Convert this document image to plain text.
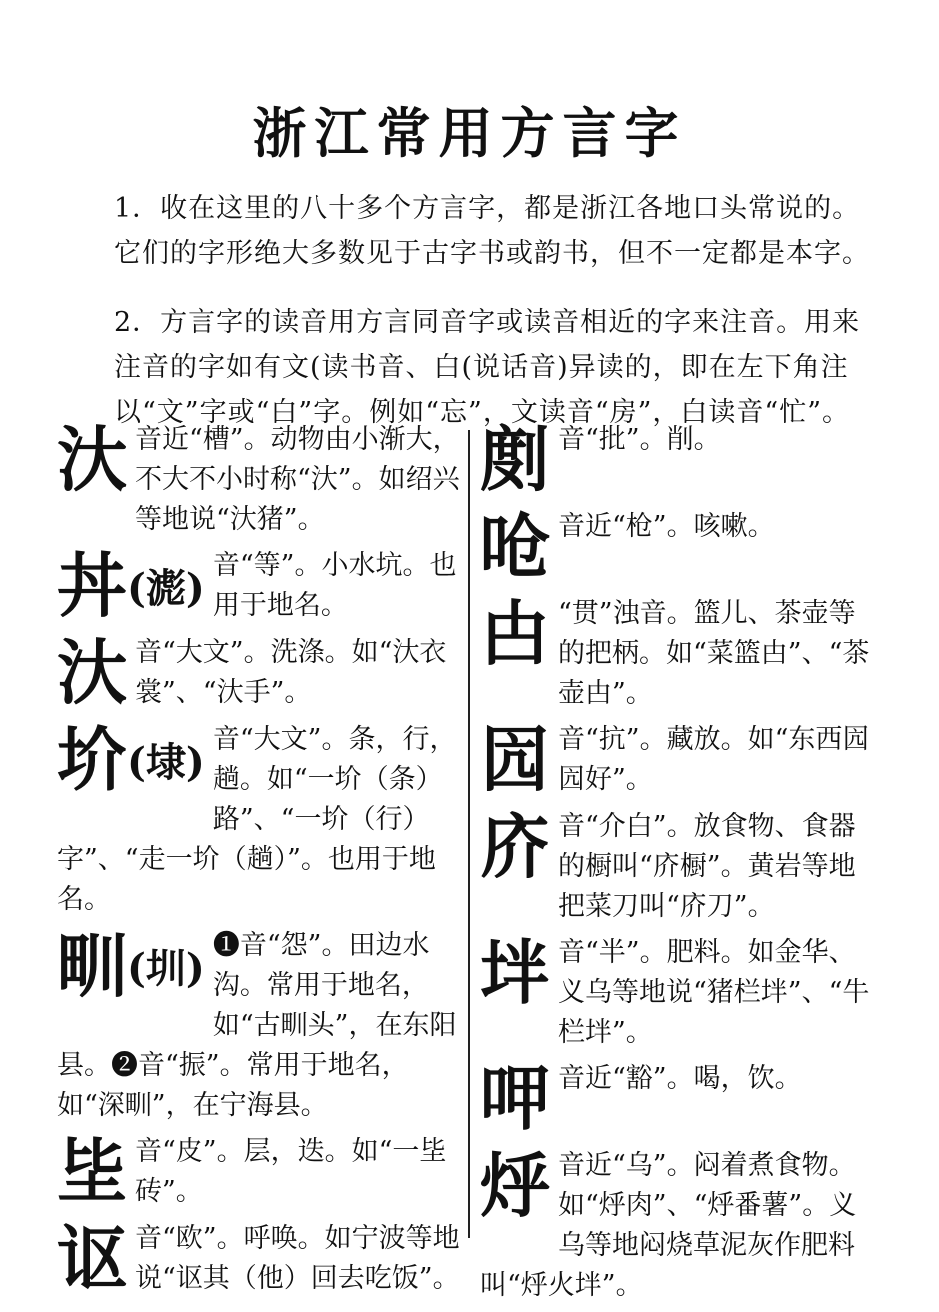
浙江常用方言字
1．收在这里的八十多个方言字，都是浙江各地口头常说的。它们的字形绝大多数见于古字书或韵书，但不一定都是本字。
2．方言字的读音用方言同音字或读音相近的字来注音。用来注音的字如有文(读书音、白(说话音)异读的，即在左下角注以“文”字或“白”字。例如“忘”，文读音“房”，白读音“忙”。
汏 音近“槽”。动物由小渐大，不大不小时称“汏”。如绍兴等地说“汏猪”。
丼(滮) 音“等”。小水坑。也用于地名。
汏 音“大文”。洗涤。如“汏衣裳”、“汏手”。
圿(埭) 音“大文”。条，行，趟。如“一圿（条）路”、“一圿（行）字”、“走一圿（趟）”。也用于地名。
甽(圳) ❶音“怨”。田边水沟。常用于地名，如“古甽头”，在东阳县。❷音“振”。常用于地名，如“深甽”，在宁海县。
坒 音“皮”。层，迭。如“一坒砖”。
讴 音“欧”。呼唤。如宁波等地说“讴其（他）回去吃饭”。
剫 音“批”。削。
呛 音近“枪”。咳嗽。
甴 “贯”浊音。篮儿、茶壶等的把柄。如“菜篮甴”、“茶壶甴”。
囥 音“抗”。藏放。如“东西囥囥好”。
庎 音“介白”。放食物、食器的橱叫“庎橱”。黄岩等地把菜刀叫“庎刀”。
坢 音“半”。肥料。如金华、义乌等地说“猪栏坢”、“牛栏坢”。
呷 音近“豁”。喝，饮。
烀 音近“乌”。闷着煮食物。如“烀肉”、“烀番薯”。义乌等地闷烧草泥灰作肥料叫“烀火坢”。
